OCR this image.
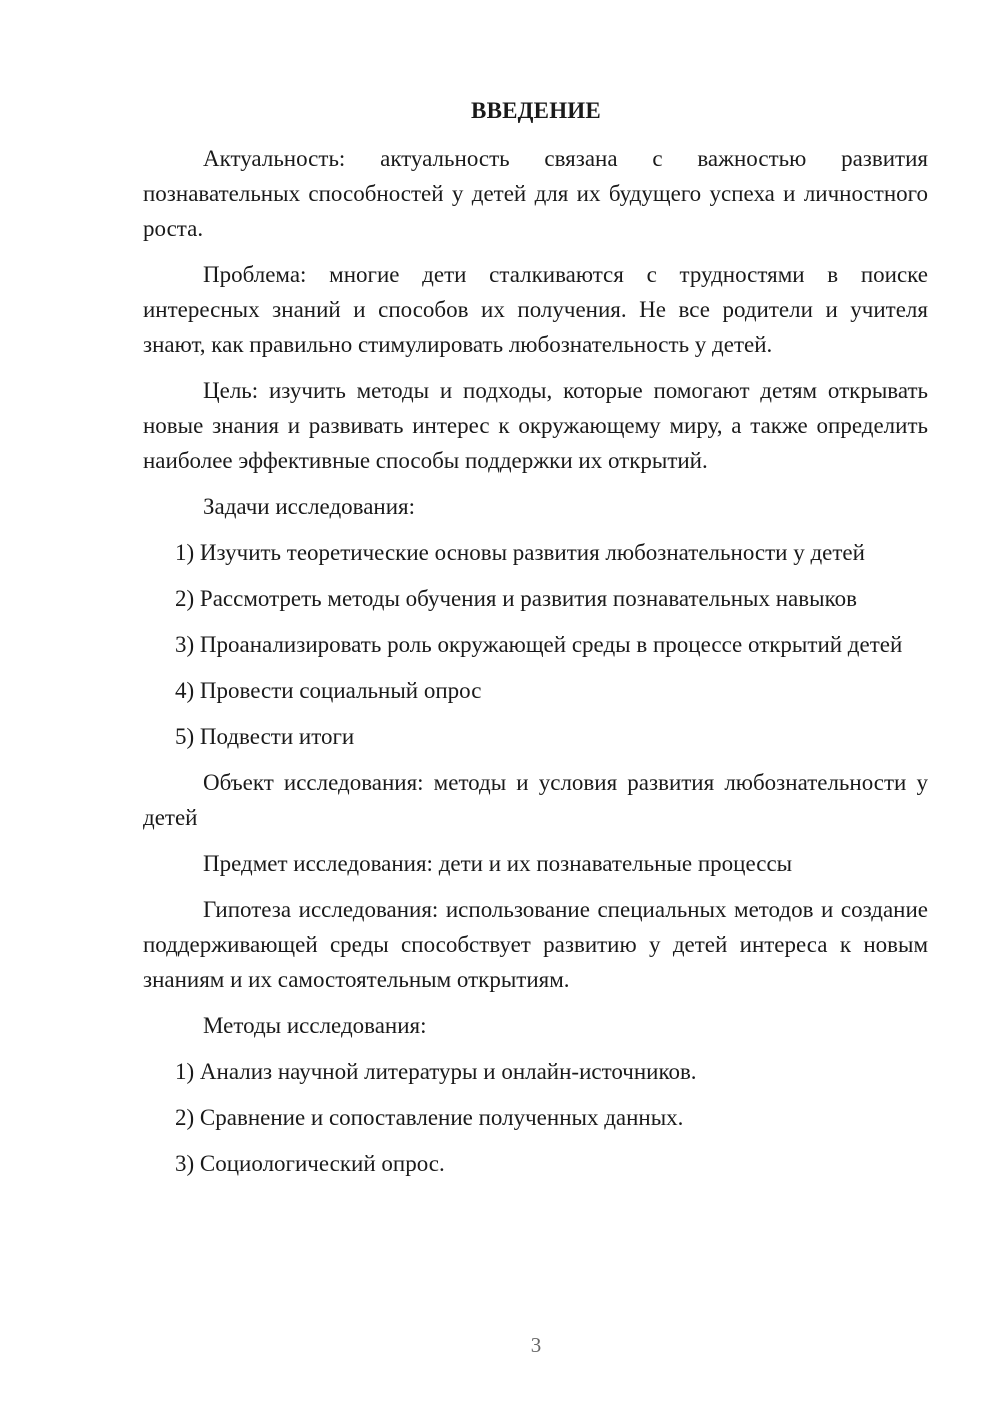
ВВЕДЕНИЕ

Актуальность: актуальность связана с важностью развития познавательных способностей у детей для их будущего успеха и личностного роста.

Проблема: многие дети сталкиваются с трудностями в поиске интересных знаний и способов их получения. Не все родители и учителя знают, как правильно стимулировать любознательность у детей.

Цель: изучить методы и подходы, которые помогают детям открывать новые знания и развивать интерес к окружающему миру, а также определить наиболее эффективные способы поддержки их открытий.

Задачи исследования:

1) Изучить теоретические основы развития любознательности у детей

2) Рассмотреть методы обучения и развития познавательных навыков

3) Проанализировать роль окружающей среды в процессе открытий детей

4) Провести социальный опрос

5) Подвести итоги

Объект исследования: методы и условия развития любознательности у детей

Предмет исследования: дети и их познавательные процессы

Гипотеза исследования: использование специальных методов и создание поддерживающей среды способствует развитию у детей интереса к новым знаниям и их самостоятельным открытиям.

Методы исследования:

1) Анализ научной литературы и онлайн-источников.

2) Сравнение и сопоставление полученных данных.

3) Социологический опрос.

3
